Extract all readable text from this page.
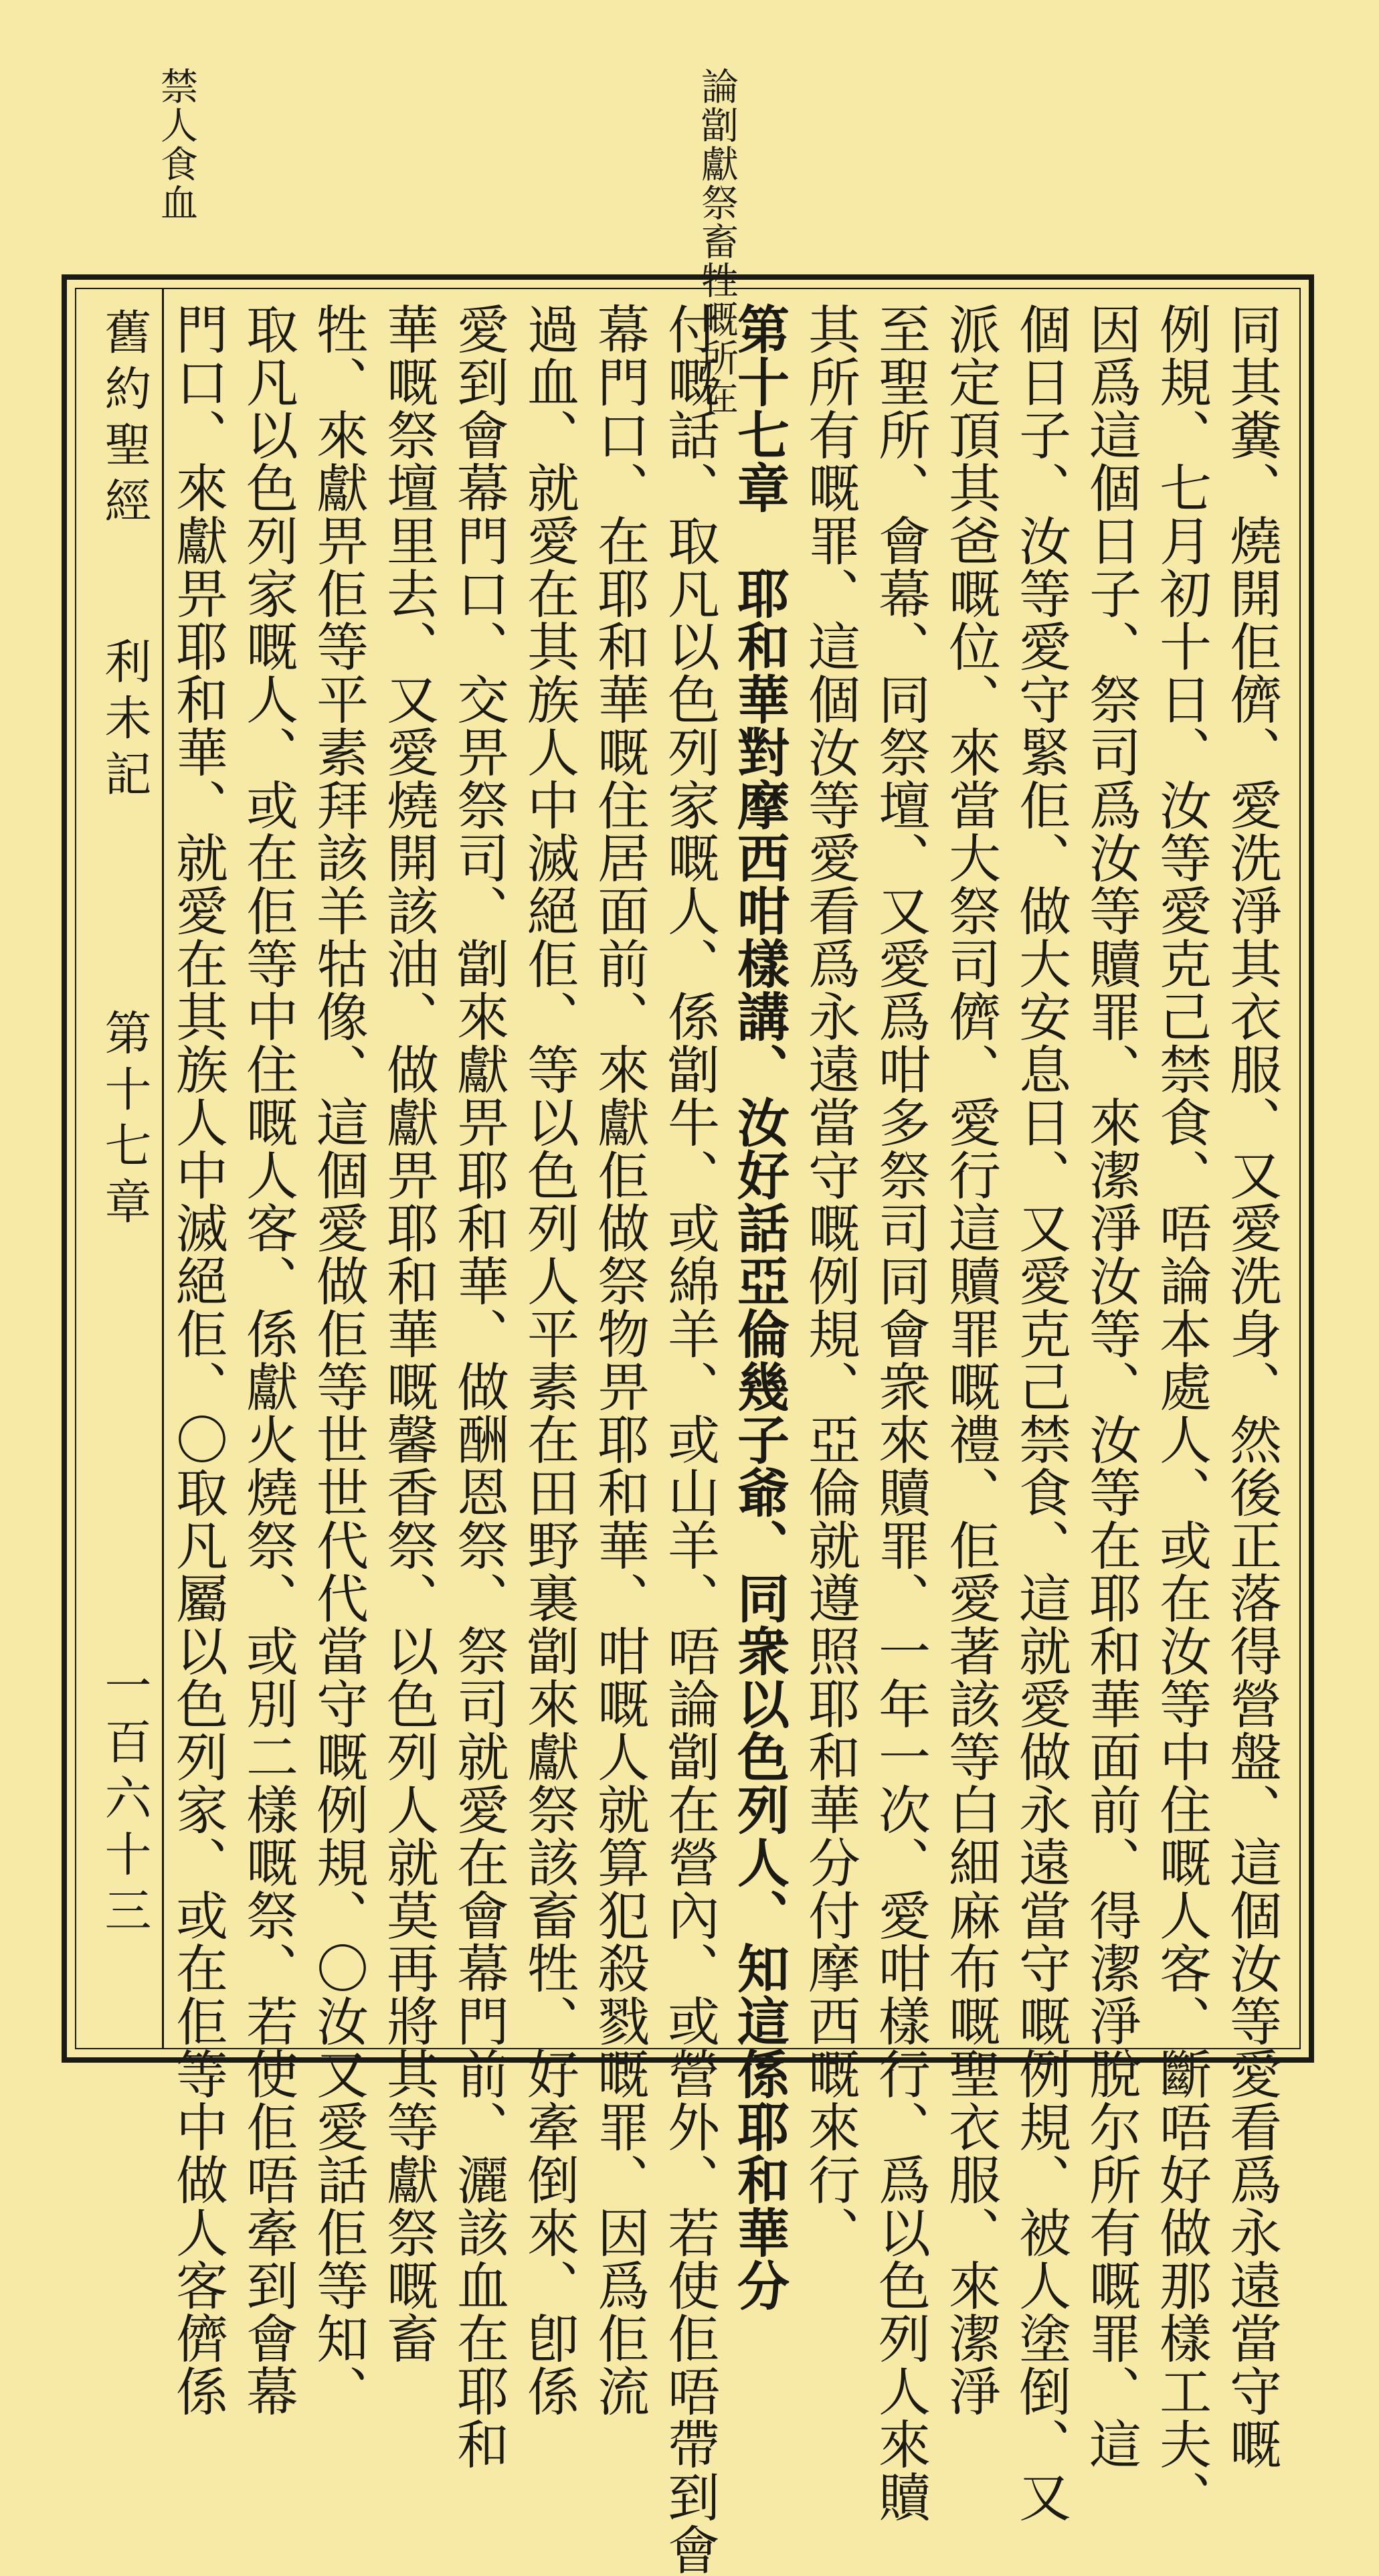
論劏獻祭畜牲嘅所在
禁人食血
舊約聖經
利未記
第十七章
一百六十三	同其糞、燒開佢儕、愛洗淨其衣服、又愛洗身、然後正落得營盤、這個汝等愛看爲永遠當守嘅
例規、七月初十日、汝等愛克己禁食、唔論本處人、或在汝等中住嘅人客、斷唔好做那樣工夫、
因爲這個日子、祭司爲汝等贖罪、來潔淨汝等、汝等在耶和華面前、得潔淨脫尔所有嘅罪、這
個日子、汝等愛守緊佢、做大安息日、又愛克己禁食、這就愛做永遠當守嘅例規、被人塗倒、又
派定頂其爸嘅位、來當大祭司儕、愛行這贖罪嘅禮、佢愛著該等白細麻布嘅聖衣服、來潔淨
至聖所、會幕、同祭壇、又愛爲咁多祭司同會衆來贖罪、一年一次、愛咁樣行、爲以色列人來贖
其所有嘅罪、這個汝等愛看爲永遠當守嘅例規、亞倫就遵照耶和華分付摩西嘅來行、
第十七章　耶和華對摩西咁樣講、汝好話亞倫幾子爺、同衆以色列人、知這係耶和華分
付嘅話、取凡以色列家嘅人、係劏牛、或綿羊、或山羊、唔論劏在營內、或營外、若使佢唔帶到會
幕門口、在耶和華嘅住居面前、來獻佢做祭物畀耶和華、咁嘅人就算犯殺戮嘅罪、因爲佢流
過血、就愛在其族人中滅絕佢、等以色列人平素在田野裏劏來獻祭該畜牲、好牽倒來、卽係
愛到會幕門口、交畀祭司、劏來獻畀耶和華、做酬恩祭、祭司就愛在會幕門前、灑該血在耶和
華嘅祭壇里去、又愛燒開該油、做獻畀耶和華嘅馨香祭、以色列人就莫再將其等獻祭嘅畜
牲、來獻畀佢等平素拜該羊牯像、這個愛做佢等世世代代當守嘅例規、〇汝又愛話佢等知、
取凡以色列家嘅人、或在佢等中住嘅人客、係獻火燒祭、或別二樣嘅祭、若使佢唔牽到會幕
門口、來獻畀耶和華、就愛在其族人中滅絕佢、〇取凡屬以色列家、或在佢等中做人客儕係
